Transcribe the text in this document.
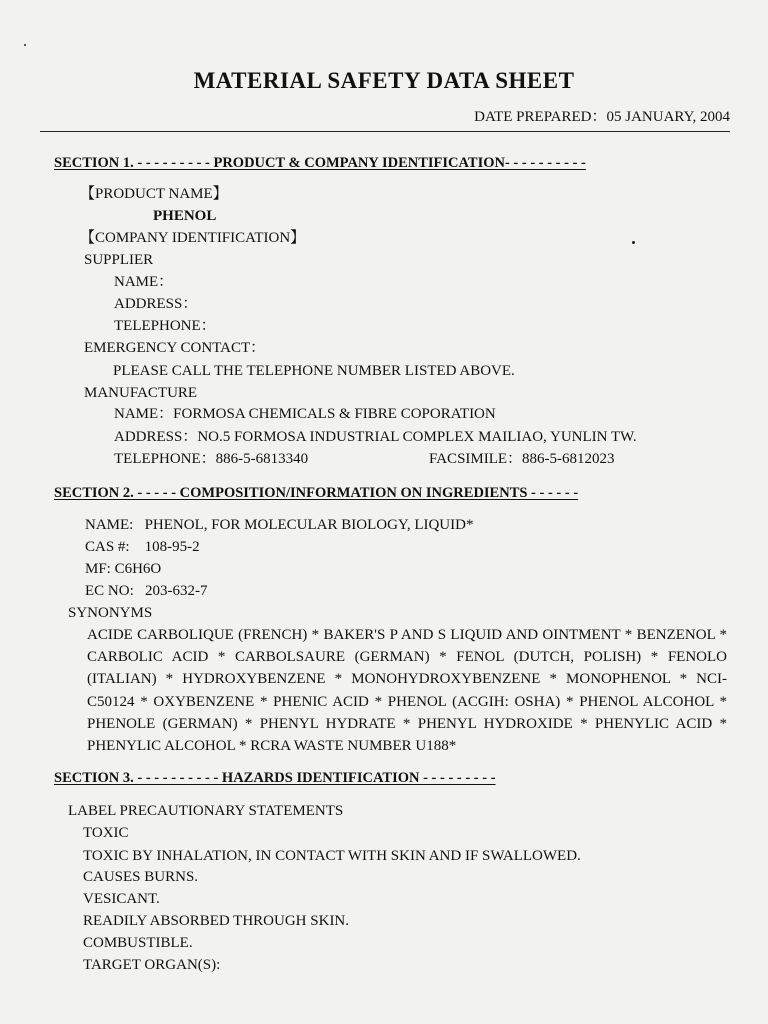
MATERIAL SAFETY DATA SHEET
DATE PREPARED：05 JANUARY, 2004
SECTION 1. - - - - - - - - - PRODUCT & COMPANY IDENTIFICATION- - - - - - - - - -
【PRODUCT NAME】
PHENOL
【COMPANY IDENTIFICATION】
SUPPLIER
NAME：
ADDRESS：
TELEPHONE：
EMERGENCY CONTACT：
PLEASE CALL THE TELEPHONE NUMBER LISTED ABOVE.
MANUFACTURE
NAME：FORMOSA CHEMICALS & FIBRE COPORATION
ADDRESS：NO.5 FORMOSA INDUSTRIAL COMPLEX MAILIAO, YUNLIN TW.
TELEPHONE：886-5-6813340	FACSIMILE：886-5-6812023
SECTION 2. - - - - - COMPOSITION/INFORMATION ON INGREDIENTS - - - - - -
NAME:   PHENOL, FOR MOLECULAR BIOLOGY, LIQUID*
CAS #:    108-95-2
MF: C6H6O
EC NO:   203-632-7
SYNONYMS
ACIDE CARBOLIQUE (FRENCH) * BAKER'S P AND S LIQUID AND OINTMENT * BENZENOL * CARBOLIC ACID * CARBOLSAURE (GERMAN) * FENOL (DUTCH, POLISH) * FENOLO (ITALIAN) * HYDROXYBENZENE * MONOHYDROXYBENZENE * MONOPHENOL * NCI-C50124 * OXYBENZENE * PHENIC ACID * PHENOL (ACGIH: OSHA) * PHENOL ALCOHOL * PHENOLE (GERMAN) * PHENYL HYDRATE * PHENYL HYDROXIDE * PHENYLIC ACID * PHENYLIC ALCOHOL * RCRA WASTE NUMBER U188*
SECTION 3. - - - - - - - - - - HAZARDS IDENTIFICATION - - - - - - - - -
LABEL PRECAUTIONARY STATEMENTS
TOXIC
TOXIC BY INHALATION, IN CONTACT WITH SKIN AND IF SWALLOWED.
CAUSES BURNS.
VESICANT.
READILY ABSORBED THROUGH SKIN.
COMBUSTIBLE.
TARGET ORGAN(S):
